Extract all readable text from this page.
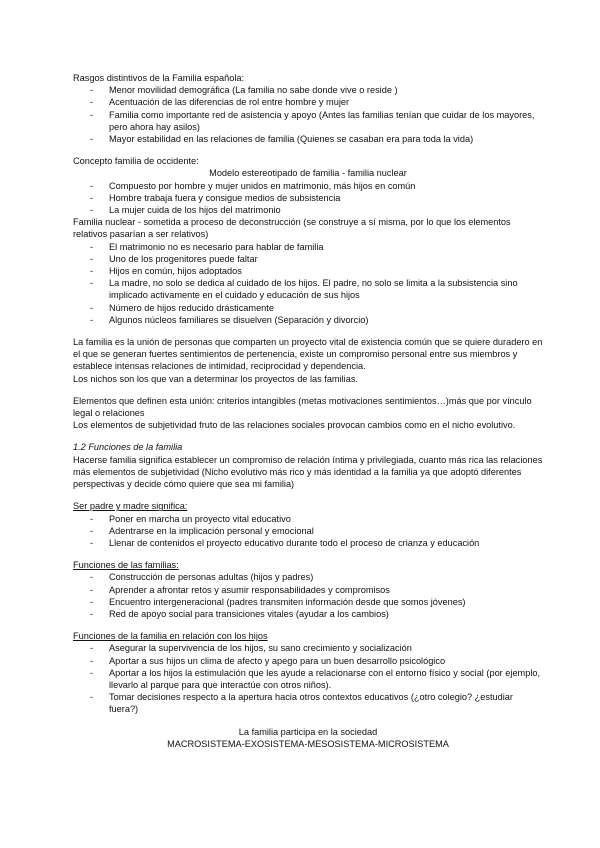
Rasgos distintivos de la Familia española:

- Menor movilidad demográfica (La familia no sabe donde vive o reside )
- Acentuación de las diferencias de rol entre hombre y mujer
- Familia como importante red de asistencia y apoyo (Antes las familias tenían que cuidar de los mayores, pero ahora hay asilos)
- Mayor estabilidad en las relaciones de familia (Quienes se casaban era para toda la vida)

Concepto familia de occidente:

Modelo estereotipado de familia - familia nuclear

- Compuesto por hombre y mujer unidos en matrimonio, más hijos en común
- Hombre trabaja fuera y consigue medios de subsistencia
- La mujer cuida de los hijos del matrimonio

Familia nuclear - sometida a proceso de deconstrucción (se construye a sí misma, por lo que los elementos relativos pasarían a ser relativos)

- El matrimonio no es necesario para hablar de familia
- Uno de los progenitores puede faltar
- Hijos en común, hijos adoptados
- La madre, no solo se dedica al cuidado de los hijos. El padre, no solo se limita a la subsistencia sino implicado activamente en el cuidado y educación de sus hijos
- Número de hijos reducido drásticamente
- Algunos núcleos familiares se disuelven (Separación y divorcio)

La familia es la unión de personas que comparten un proyecto vital de existencia común que se quiere duradero en el que se generan fuertes sentimientos de pertenencia, existe un compromiso personal entre sus miembros y establece intensas relaciones de intimidad, reciprocidad y dependencia.

Los nichos son los que van a determinar los proyectos de las familias.

Elementos que definen esta unión: criterios intangibles (metas motivaciones sentimientos…)más que por vínculo legal o relaciones

Los elementos de subjetividad fruto de las relaciones sociales provocan cambios como en el nicho evolutivo.

1.2 Funciones de la familia

Hacerse familia significa establecer un compromiso de relación íntima y privilegiada, cuanto más rica las relaciones más elementos de subjetividad (Nicho evolutivo más rico y más identidad a la familia ya que adoptó diferentes perspectivas y decide cómo quiere que sea mi familia)

Ser padre y madre significa:

- Poner en marcha un proyecto vital educativo
- Adentrarse en la implicación personal y emocional
- Llenar de contenidos el proyecto educativo durante todo el proceso de crianza y educación

Funciones de las familias:

- Construcción de personas adultas (hijos y padres)
- Aprender a afrontar retos y asumir responsabilidades y compromisos
- Encuentro intergeneracional (padres transmiten información desde que somos jóvenes)
- Red de apoyo social para transiciones vitales (ayudar a los cambios)

Funciones de la familia en relación con los hijos

- Asegurar la supervivencia de los hijos, su sano crecimiento y socialización
- Aportar a sus hijos un clima de afecto y apego para un buen desarrollo psicológico
- Aportar a los hijos la estimulación que les ayude a relacionarse con el entorno físico y social (por ejemplo, llevarlo al parque para que interactúe con otros niños).
- Tomar decisiones respecto a la apertura hacia otros contextos educativos (¿otro colegio? ¿estudiar fuera?)

La familia participa en la sociedad

MACROSISTEMA-EXOSISTEMA-MESOSISTEMA-MICROSISTEMA
